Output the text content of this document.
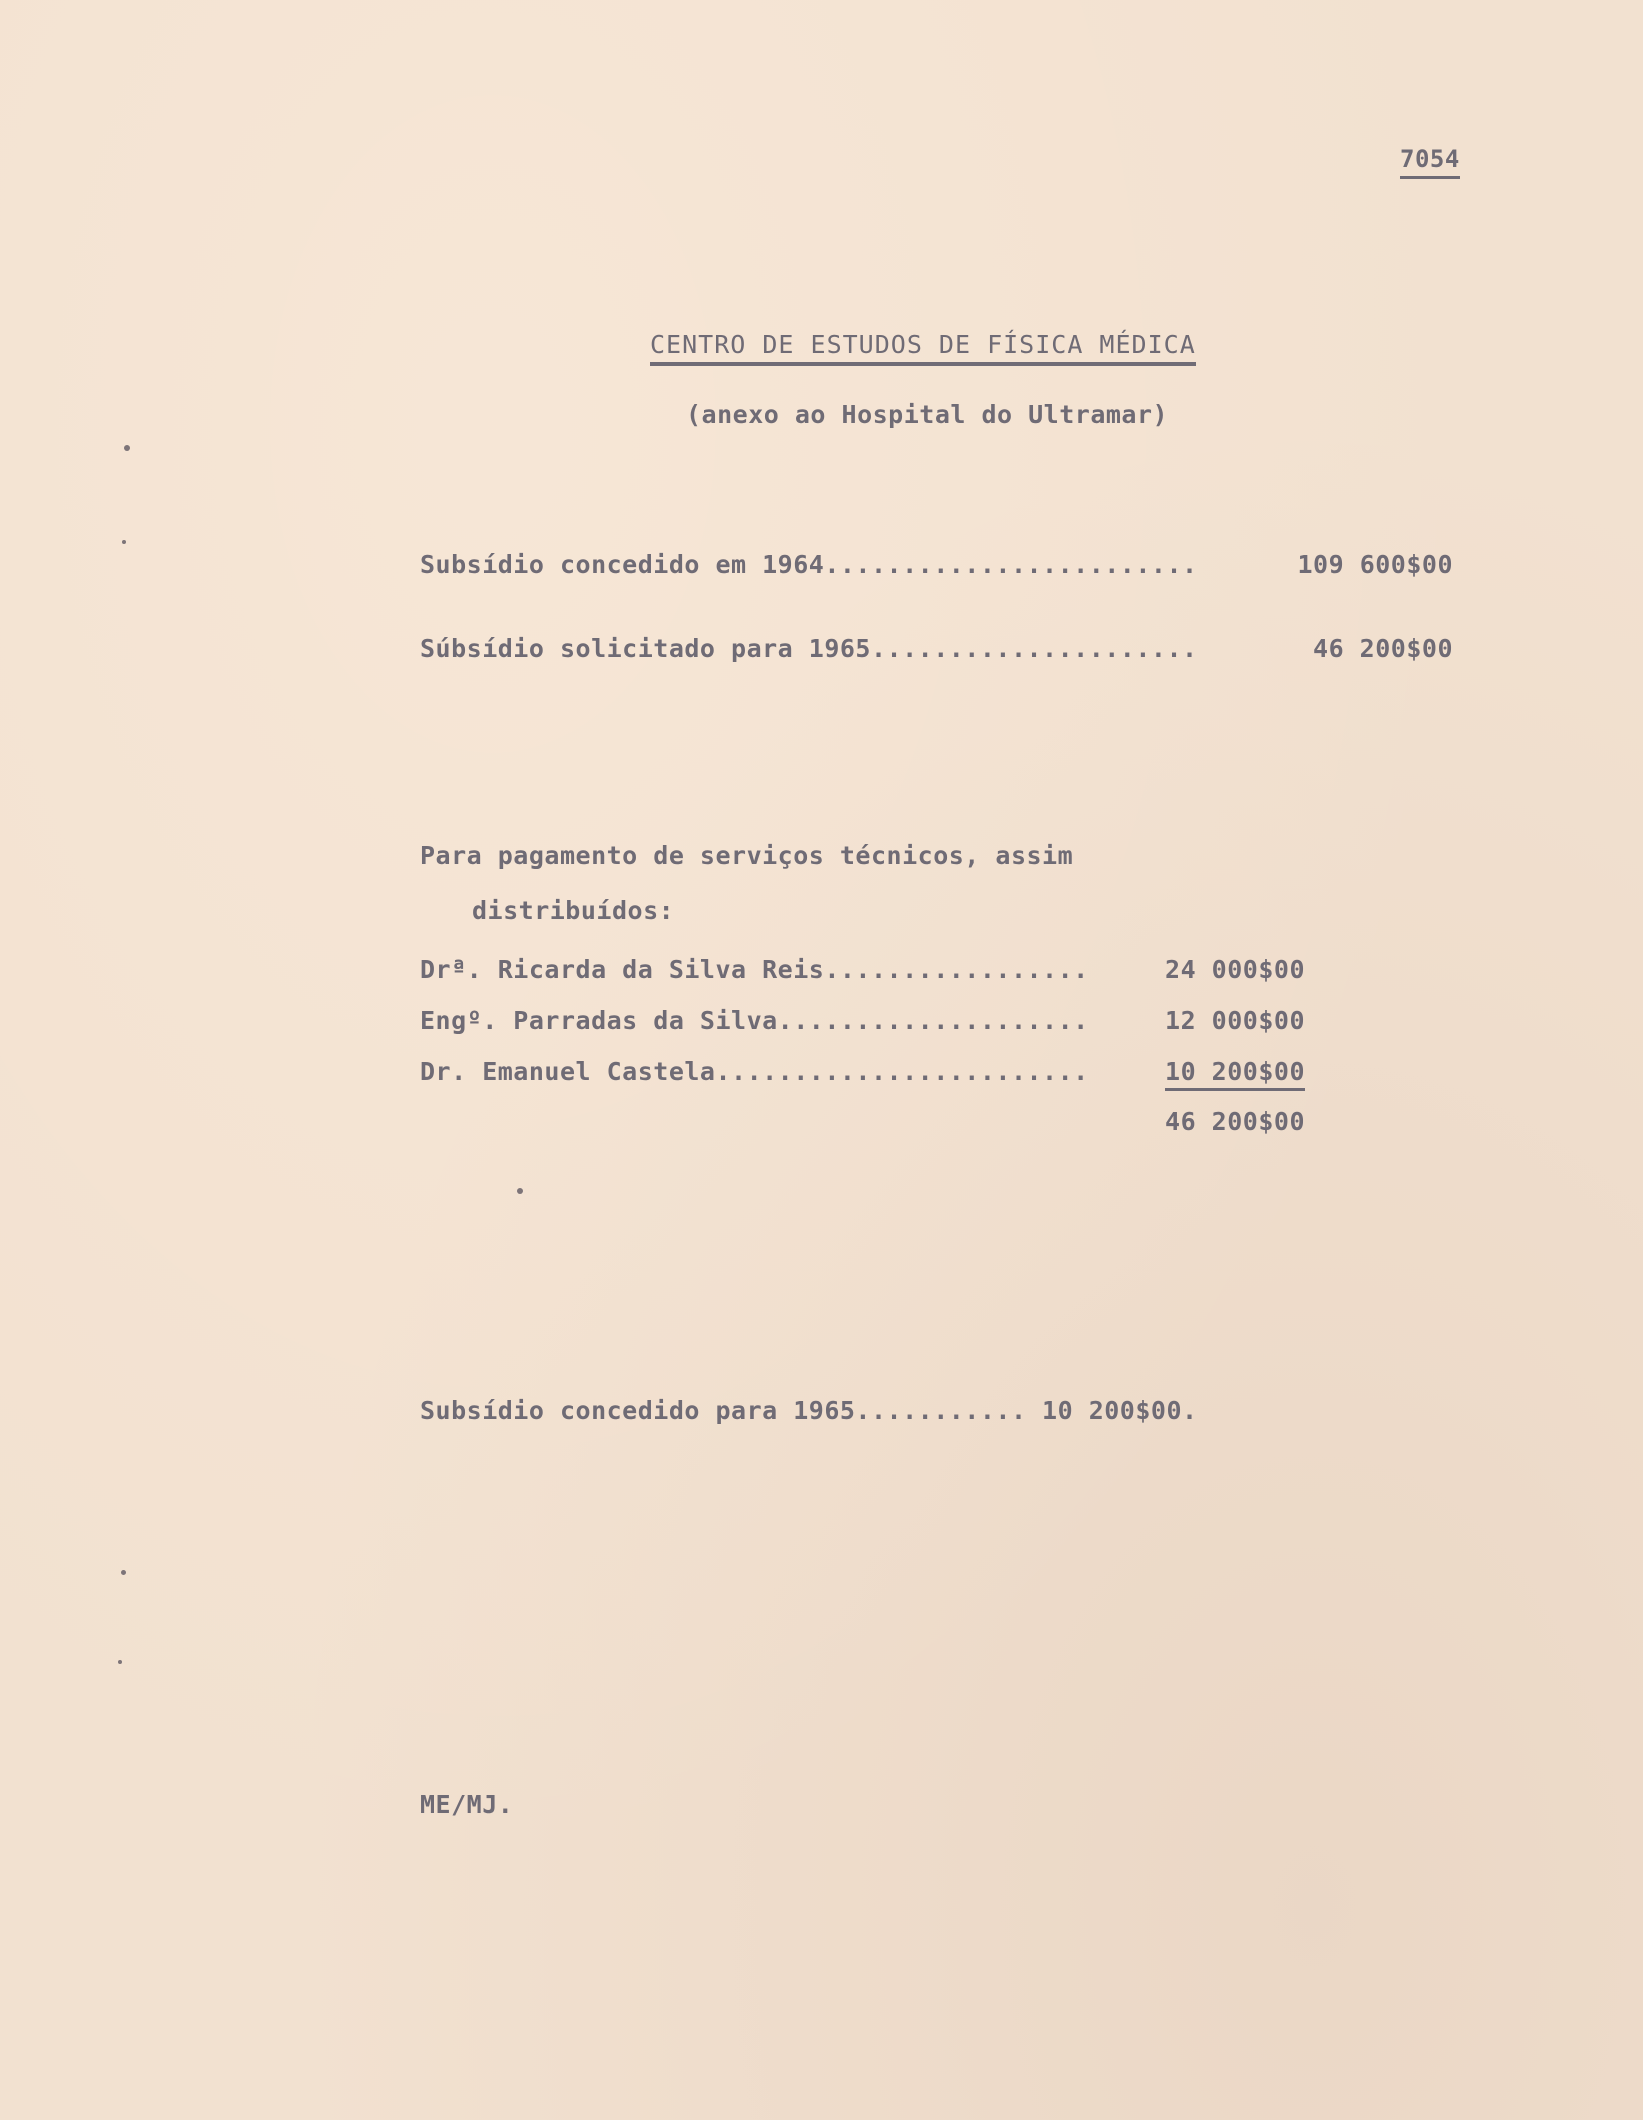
7054
CENTRO DE ESTUDOS DE FÍSICA MÉDICA
(anexo ao Hospital do Ultramar)
Subsídio concedido em 1964........................	109 600$00
Súbsídio solicitado para 1965.....................	46 200$00
Para pagamento de serviços técnicos, assim
distribuídos:
Drª. Ricarda da Silva Reis.................	24 000$00
Engº. Parradas da Silva....................	12 000$00
Dr. Emanuel Castela........................	10 200$00
46 200$00
Subsídio concedido para 1965........... 10 200$00.
ME/MJ.
